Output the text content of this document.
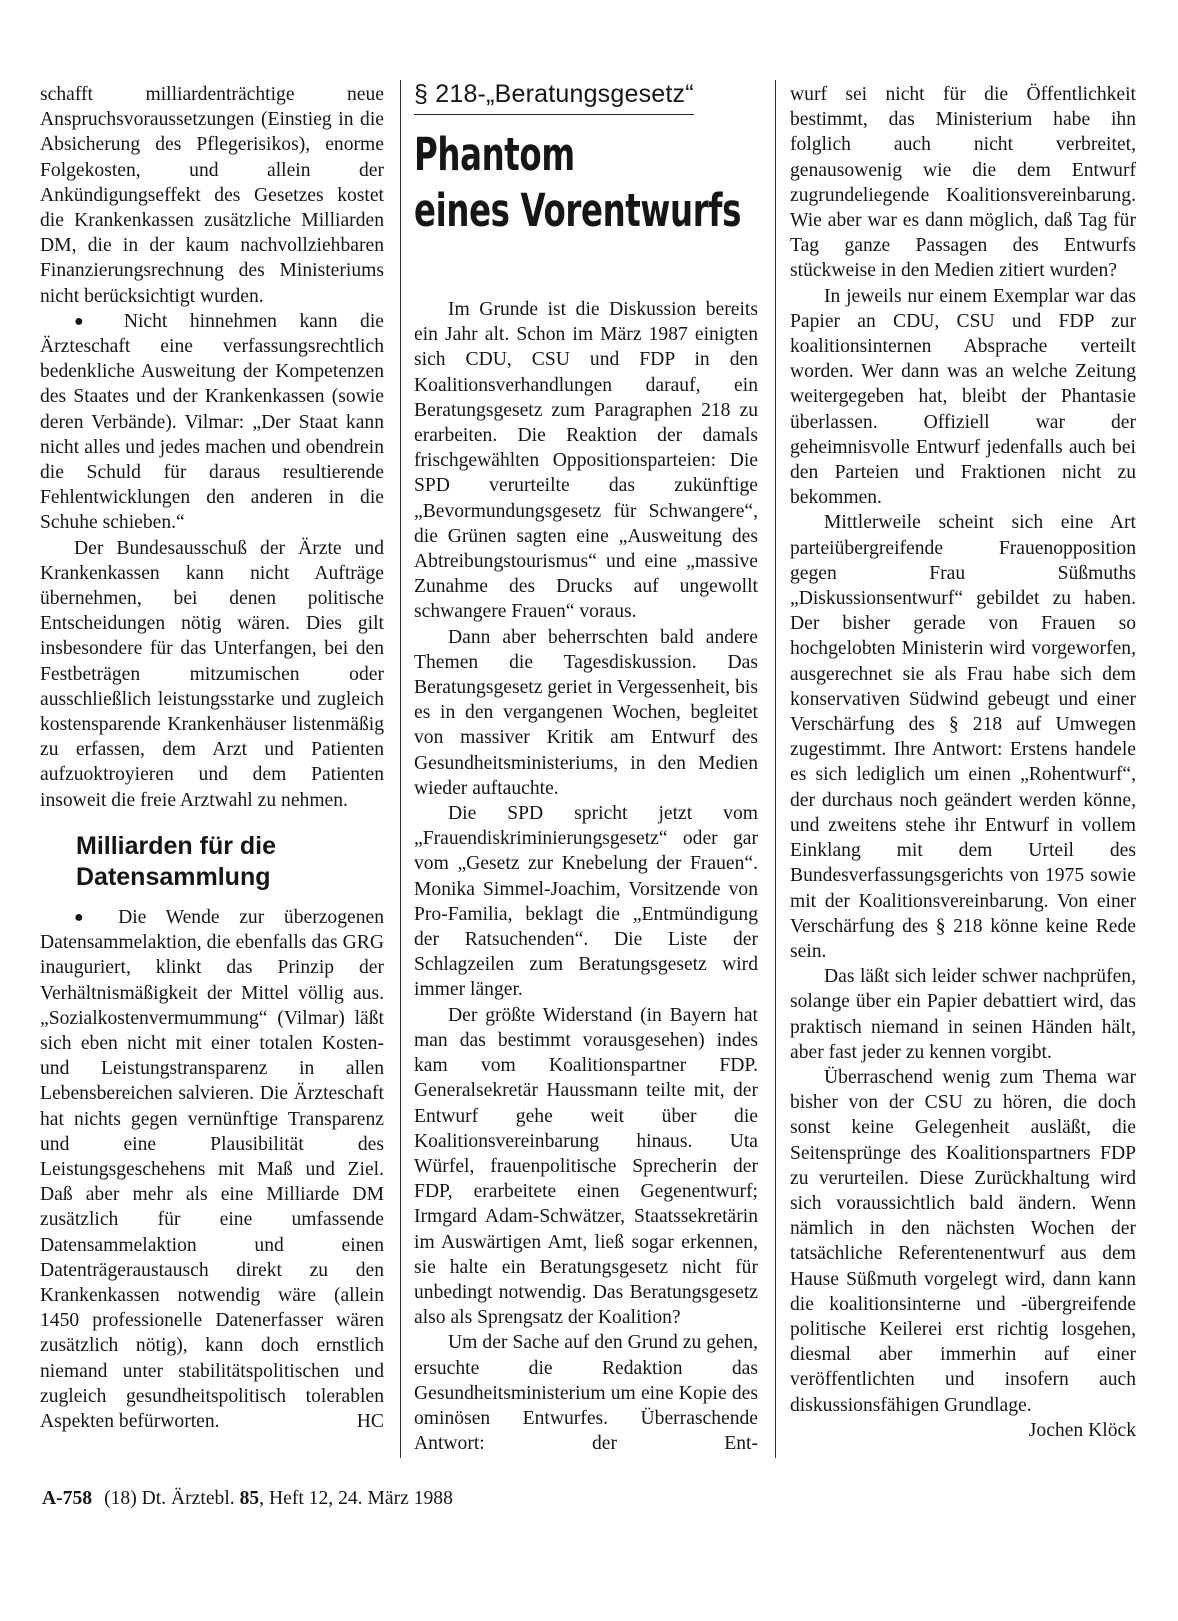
schafft milliardenträchtige neue Anspruchsvoraussetzungen (Einstieg in die Absicherung des Pflegerisikos), enorme Folgekosten, und allein der Ankündigungseffekt des Gesetzes kostet die Krankenkassen zusätzliche Milliarden DM, die in der kaum nachvollziehbaren Finanzierungsrechnung des Ministeriums nicht berücksichtigt wurden.

● Nicht hinnehmen kann die Ärzteschaft eine verfassungsrechtlich bedenkliche Ausweitung der Kompetenzen des Staates und der Krankenkassen (sowie deren Verbände). Vilmar: „Der Staat kann nicht alles und jedes machen und obendrein die Schuld für daraus resultierende Fehlentwicklungen den anderen in die Schuhe schieben.“

Der Bundesausschuß der Ärzte und Krankenkassen kann nicht Aufträge übernehmen, bei denen politische Entscheidungen nötig wären. Dies gilt insbesondere für das Unterfangen, bei den Festbeträgen mitzumischen oder ausschließlich leistungsstarke und zugleich kostensparende Krankenhäuser listenmäßig zu erfassen, dem Arzt und Patienten aufzuoktroyieren und dem Patienten insoweit die freie Arztwahl zu nehmen.

Milliarden für die Datensammlung

● Die Wende zur überzogenen Datensammelaktion, die ebenfalls das GRG inauguriert, klinkt das Prinzip der Verhältnismäßigkeit der Mittel völlig aus. „Sozialkostenvermummung“ (Vilmar) läßt sich eben nicht mit einer totalen Kosten- und Leistungstransparenz in allen Lebensbereichen salvieren. Die Ärzteschaft hat nichts gegen vernünftige Transparenz und eine Plausibilität des Leistungsgeschehens mit Maß und Ziel. Daß aber mehr als eine Milliarde DM zusätzlich für eine umfassende Datensammelaktion und einen Datenträgeraustausch direkt zu den Krankenkassen notwendig wäre (allein 1450 professionelle Datenerfasser wären zusätzlich nötig), kann doch ernstlich niemand unter stabilitätspolitischen und zugleich gesundheitspolitisch tolerablen Aspekten befürworten.	HC

§ 218-„Beratungsgesetz“
Phantom
eines Vorentwurfs

Im Grunde ist die Diskussion bereits ein Jahr alt. Schon im März 1987 einigten sich CDU, CSU und FDP in den Koalitionsverhandlungen darauf, ein Beratungsgesetz zum Paragraphen 218 zu erarbeiten. Die Reaktion der damals frischgewählten Oppositionsparteien: Die SPD verurteilte das zukünftige „Bevormundungsgesetz für Schwangere“, die Grünen sagten eine „Ausweitung des Abtreibungstourismus“ und eine „massive Zunahme des Drucks auf ungewollt schwangere Frauen“ voraus.

Dann aber beherrschten bald andere Themen die Tagesdiskussion. Das Beratungsgesetz geriet in Vergessenheit, bis es in den vergangenen Wochen, begleitet von massiver Kritik am Entwurf des Gesundheitsministeriums, in den Medien wieder auftauchte.

Die SPD spricht jetzt vom „Frauendiskriminierungsgesetz“ oder gar vom „Gesetz zur Knebelung der Frauen“. Monika Simmel-Joachim, Vorsitzende von Pro-Familia, beklagt die „Entmündigung der Ratsuchenden“. Die Liste der Schlagzeilen zum Beratungsgesetz wird immer länger.

Der größte Widerstand (in Bayern hat man das bestimmt vorausgesehen) indes kam vom Koalitionspartner FDP. Generalsekretär Haussmann teilte mit, der Entwurf gehe weit über die Koalitionsvereinbarung hinaus. Uta Würfel, frauenpolitische Sprecherin der FDP, erarbeitete einen Gegenentwurf; Irmgard Adam-Schwätzer, Staatssekretärin im Auswärtigen Amt, ließ sogar erkennen, sie halte ein Beratungsgesetz nicht für unbedingt notwendig. Das Beratungsgesetz also als Sprengsatz der Koalition?

Um der Sache auf den Grund zu gehen, ersuchte die Redaktion das Gesundheitsministerium um eine Kopie des ominösen Entwurfes. Überraschende Antwort: der Ent-

wurf sei nicht für die Öffentlichkeit bestimmt, das Ministerium habe ihn folglich auch nicht verbreitet, genausowenig wie die dem Entwurf zugrundeliegende Koalitionsvereinbarung. Wie aber war es dann möglich, daß Tag für Tag ganze Passagen des Entwurfs stückweise in den Medien zitiert wurden?

In jeweils nur einem Exemplar war das Papier an CDU, CSU und FDP zur koalitionsinternen Absprache verteilt worden. Wer dann was an welche Zeitung weitergegeben hat, bleibt der Phantasie überlassen. Offiziell war der geheimnisvolle Entwurf jedenfalls auch bei den Parteien und Fraktionen nicht zu bekommen.

Mittlerweile scheint sich eine Art parteiübergreifende Frauenopposition gegen Frau Süßmuths „Diskussionsentwurf“ gebildet zu haben. Der bisher gerade von Frauen so hochgelobten Ministerin wird vorgeworfen, ausgerechnet sie als Frau habe sich dem konservativen Südwind gebeugt und einer Verschärfung des § 218 auf Umwegen zugestimmt. Ihre Antwort: Erstens handele es sich lediglich um einen „Rohentwurf“, der durchaus noch geändert werden könne, und zweitens stehe ihr Entwurf in vollem Einklang mit dem Urteil des Bundesverfassungsgerichts von 1975 sowie mit der Koalitionsvereinbarung. Von einer Verschärfung des § 218 könne keine Rede sein.

Das läßt sich leider schwer nachprüfen, solange über ein Papier debattiert wird, das praktisch niemand in seinen Händen hält, aber fast jeder zu kennen vorgibt.

Überraschend wenig zum Thema war bisher von der CSU zu hören, die doch sonst keine Gelegenheit ausläßt, die Seitensprünge des Koalitionspartners FDP zu verurteilen. Diese Zurückhaltung wird sich voraussichtlich bald ändern. Wenn nämlich in den nächsten Wochen der tatsächliche Referentenentwurf aus dem Hause Süßmuth vorgelegt wird, dann kann die koalitionsinterne und -übergreifende politische Keilerei erst richtig losgehen, diesmal aber immerhin auf einer veröffentlichten und insofern auch diskussionsfähigen Grundlage.
Jochen Klöck

A-758 (18) Dt. Ärztebl. 85, Heft 12, 24. März 1988
